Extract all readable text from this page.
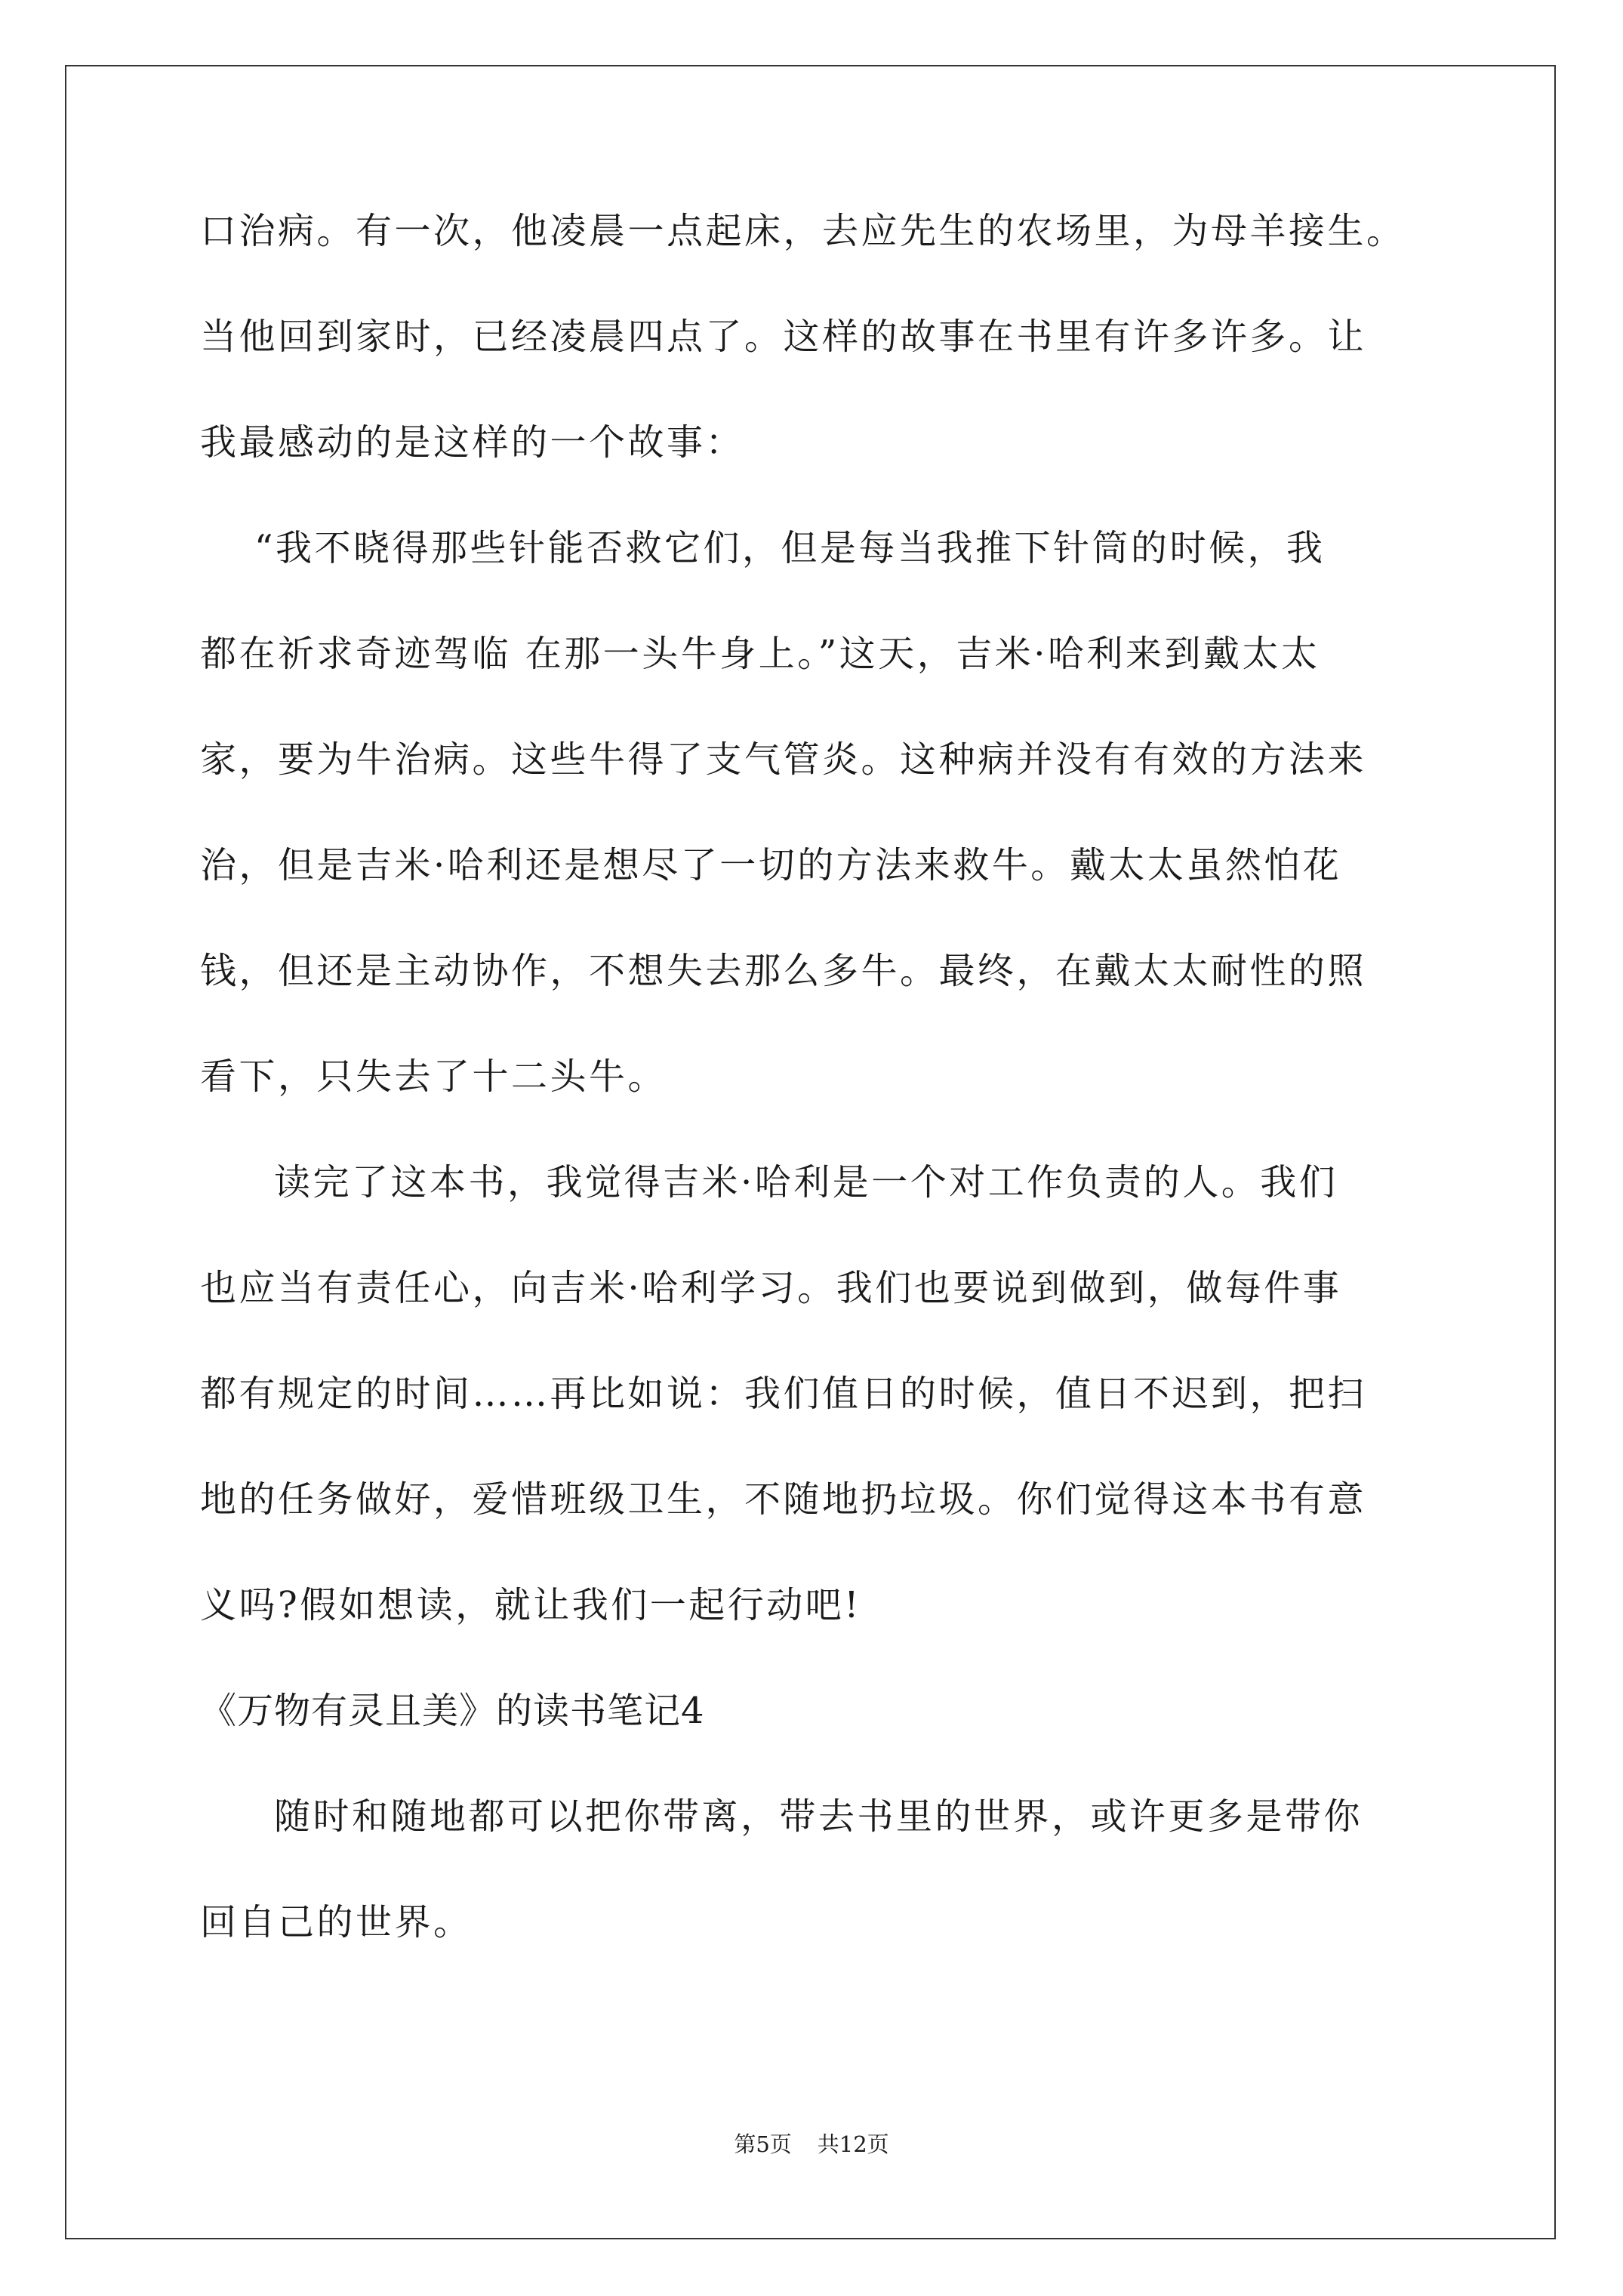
口治病。有一次，他凌晨一点起床，去应先生的农场里，为母羊接生。
当他回到家时，已经凌晨四点了。这样的故事在书里有许多许多。让
我最感动的是这样的一个故事：
“我不晓得那些针能否救它们，但是每当我推下针筒的时候，我
都在祈求奇迹驾临 在那一头牛身上。”这天，吉米·哈利来到戴太太
家，要为牛治病。这些牛得了支气管炎。这种病并没有有效的方法来
治，但是吉米·哈利还是想尽了一切的方法来救牛。戴太太虽然怕花
钱，但还是主动协作，不想失去那么多牛。最终，在戴太太耐性的照
看下，只失去了十二头牛。
读完了这本书，我觉得吉米·哈利是一个对工作负责的人。我们
也应当有责任心，向吉米·哈利学习。我们也要说到做到，做每件事
都有规定的时间……再比如说：我们值日的时候，值日不迟到，把扫
地的任务做好，爱惜班级卫生，不随地扔垃圾。你们觉得这本书有意
义吗?假如想读，就让我们一起行动吧!
《万物有灵且美》的读书笔记4
随时和随地都可以把你带离，带去书里的世界，或许更多是带你
回自己的世界。
第5页 共12页
